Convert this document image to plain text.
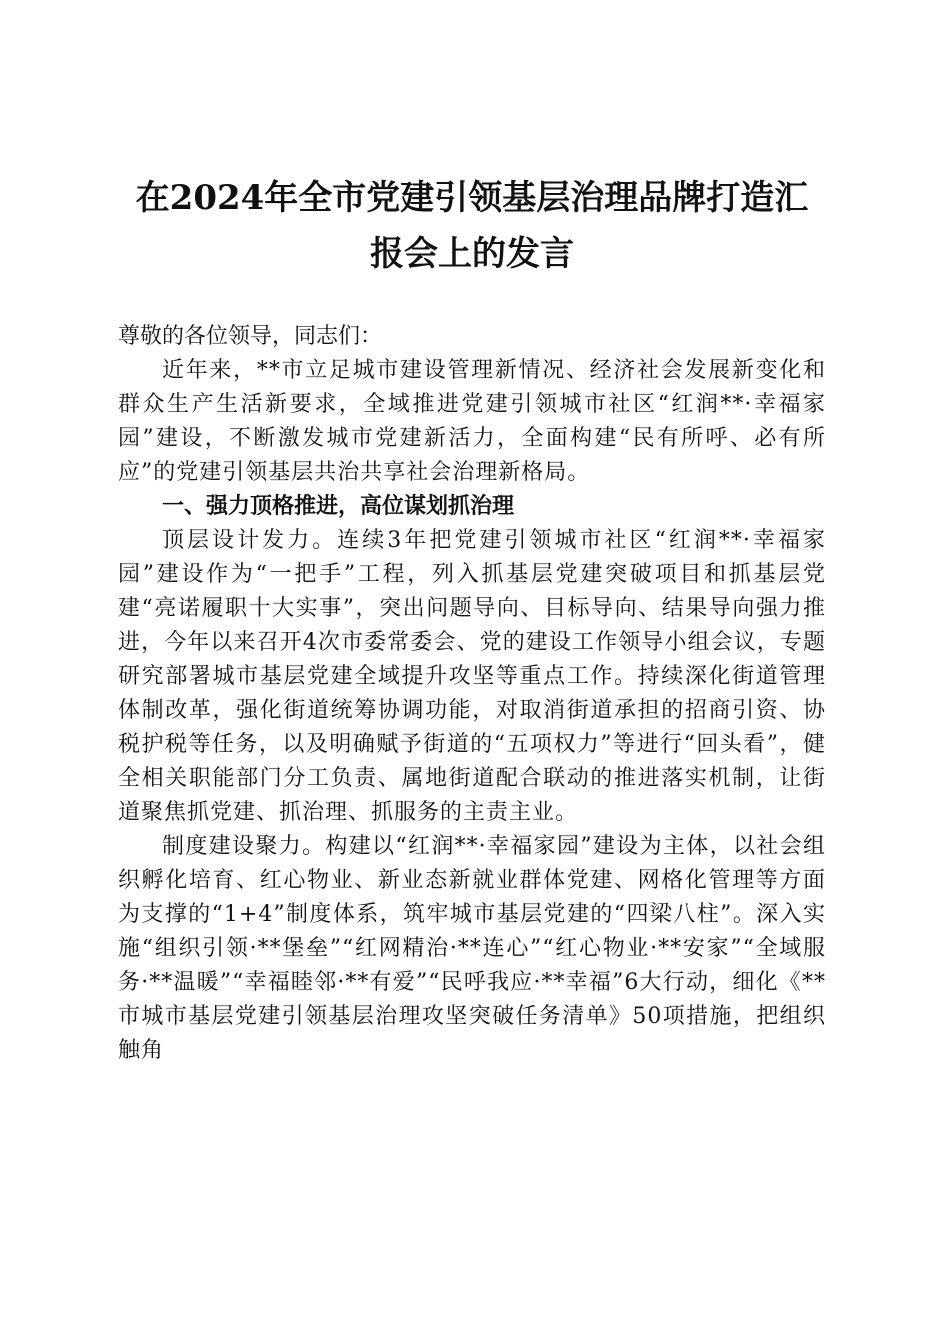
在2024年全市党建引领基层治理品牌打造汇
报会上的发言

尊敬的各位领导，同志们：

近年来，**市立足城市建设管理新情况、经济社会发展新变化和群众生产生活新要求，全域推进党建引领城市社区“红润**·幸福家园”建设，不断激发城市党建新活力，全面构建“民有所呼、必有所应”的党建引领基层共治共享社会治理新格局。

一、强力顶格推进，高位谋划抓治理

顶层设计发力。连续3年把党建引领城市社区“红润**·幸福家园”建设作为“一把手”工程，列入抓基层党建突破项目和抓基层党建“亮诺履职十大实事”，突出问题导向、目标导向、结果导向强力推进，今年以来召开4次市委常委会、党的建设工作领导小组会议，专题研究部署城市基层党建全域提升攻坚等重点工作。持续深化街道管理体制改革，强化街道统筹协调功能，对取消街道承担的招商引资、协税护税等任务，以及明确赋予街道的“五项权力”等进行“回头看”，健全相关职能部门分工负责、属地街道配合联动的推进落实机制，让街道聚焦抓党建、抓治理、抓服务的主责主业。

制度建设聚力。构建以“红润**·幸福家园”建设为主体，以社会组织孵化培育、红心物业、新业态新就业群体党建、网格化管理等方面为支撑的“1+4”制度体系，筑牢城市基层党建的“四梁八柱”。深入实施“组织引领·**堡垒”“红网精治·**连心”“红心物业·**安家”“全域服务·**温暖”“幸福睦邻·**有爱”“民呼我应·**幸福”6大行动，细化《**市城市基层党建引领基层治理攻坚突破任务清单》50项措施，把组织触角
